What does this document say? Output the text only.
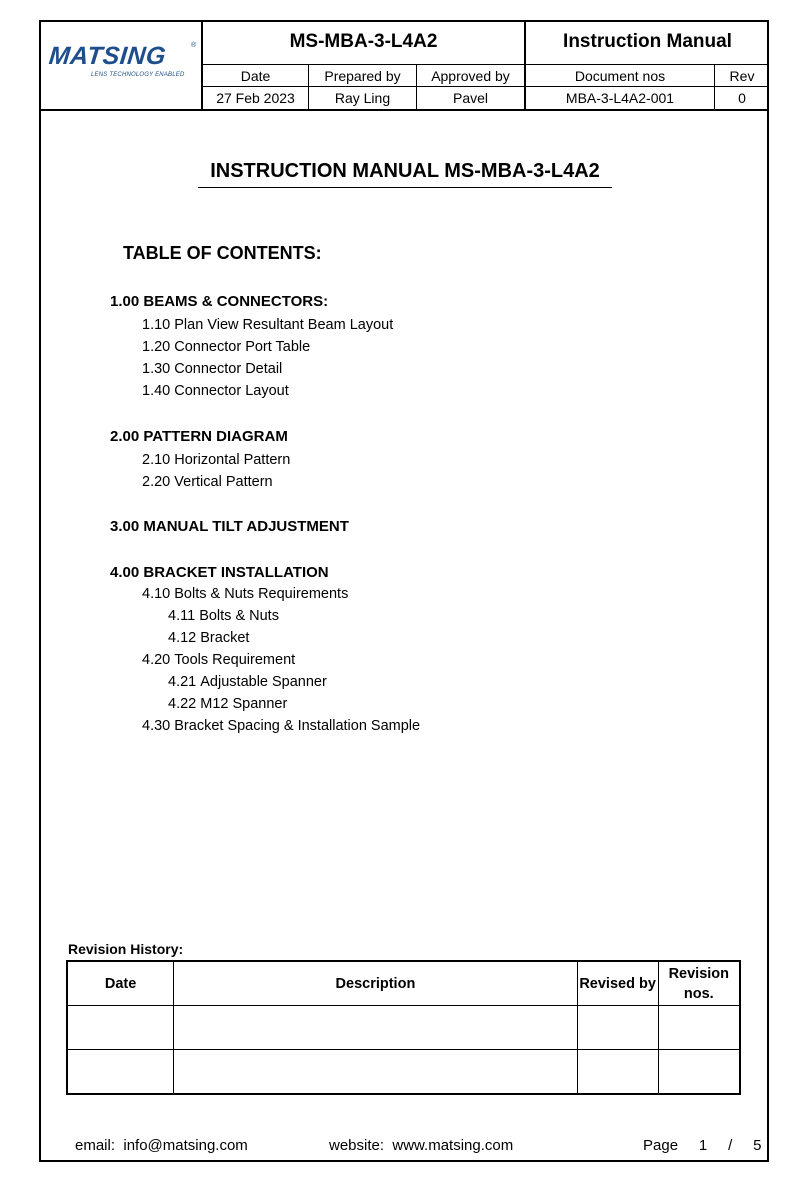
MATSING	®
LENS TECHNOLOGY ENABLED
MS-MBA-3-L4A2	Instruction Manual
Date	Prepared by	Approved by	Document nos	Rev
27 Feb 2023	Ray Ling	Pavel	MBA-3-L4A2-001	0
INSTRUCTION MANUAL MS-MBA-3-L4A2
TABLE OF CONTENTS:
1.00 BEAMS & CONNECTORS:
1.10 Plan View Resultant Beam Layout
1.20 Connector Port Table
1.30 Connector Detail
1.40 Connector Layout
2.00 PATTERN DIAGRAM
2.10 Horizontal Pattern
2.20 Vertical Pattern
3.00 MANUAL TILT ADJUSTMENT
4.00 BRACKET INSTALLATION
4.10 Bolts & Nuts Requirements
4.11 Bolts & Nuts
4.12 Bracket
4.20 Tools Requirement
4.21 Adjustable Spanner
4.22 M12 Spanner
4.30 Bracket Spacing & Installation Sample
Revision History:
Date	Description	Revised by	Revision nos.

email: info@matsing.com	website: www.matsing.com	Page 1 / 5
